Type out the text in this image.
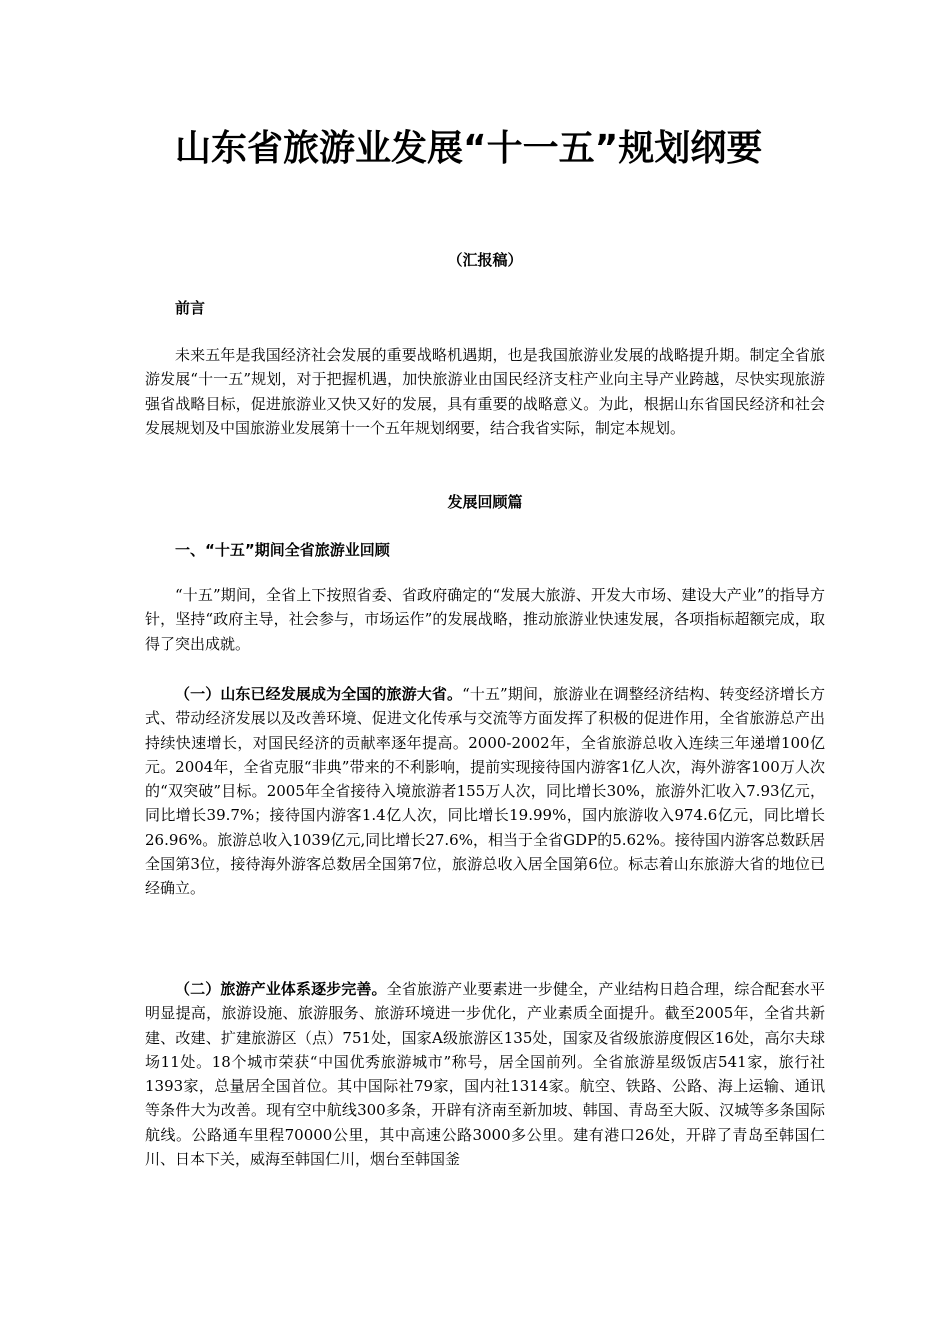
山东省旅游业发展“十一五”规划纲要
（汇报稿）
前言

未来五年是我国经济社会发展的重要战略机遇期，也是我国旅游业发展的战略提升期。制定全省旅游发展“十一五”规划，对于把握机遇，加快旅游业由国民经济支柱产业向主导产业跨越，尽快实现旅游强省战略目标，促进旅游业又快又好的发展，具有重要的战略意义。为此，根据山东省国民经济和社会发展规划及中国旅游业发展第十一个五年规划纲要，结合我省实际，制定本规划。

发展回顾篇
一、“十五”期间全省旅游业回顾

“十五”期间，全省上下按照省委、省政府确定的“发展大旅游、开发大市场、建设大产业”的指导方针，坚持“政府主导，社会参与，市场运作”的发展战略，推动旅游业快速发展，各项指标超额完成，取得了突出成就。

（一）山东已经发展成为全国的旅游大省。“十五”期间，旅游业在调整经济结构、转变经济增长方式、带动经济发展以及改善环境、促进文化传承与交流等方面发挥了积极的促进作用，全省旅游总产出持续快速增长，对国民经济的贡献率逐年提高。2000-2002年，全省旅游总收入连续三年递增100亿元。2004年，全省克服“非典”带来的不利影响，提前实现接待国内游客1亿人次，海外游客100万人次的“双突破”目标。2005年全省接待入境旅游者155万人次，同比增长30%，旅游外汇收入7.93亿元，同比增长39.7%；接待国内游客1.4亿人次，同比增长19.99%，国内旅游收入974.6亿元，同比增长26.96%。旅游总收入1039亿元,同比增长27.6%，相当于全省GDP的5.62%。接待国内游客总数跃居全国第3位，接待海外游客总数居全国第7位，旅游总收入居全国第6位。标志着山东旅游大省的地位已经确立。

（二）旅游产业体系逐步完善。全省旅游产业要素进一步健全，产业结构日趋合理，综合配套水平明显提高，旅游设施、旅游服务、旅游环境进一步优化，产业素质全面提升。截至2005年，全省共新建、改建、扩建旅游区（点）751处，国家A级旅游区135处，国家及省级旅游度假区16处，高尔夫球场11处。18个城市荣获“中国优秀旅游城市”称号，居全国前列。全省旅游星级饭店541家，旅行社1393家，总量居全国首位。其中国际社79家，国内社1314家。航空、铁路、公路、海上运输、通讯等条件大为改善。现有空中航线300多条，开辟有济南至新加坡、韩国、青岛至大阪、汉城等多条国际航线。公路通车里程70000公里，其中高速公路3000多公里。建有港口26处，开辟了青岛至韩国仁川、日本下关，威海至韩国仁川，烟台至韩国釜
